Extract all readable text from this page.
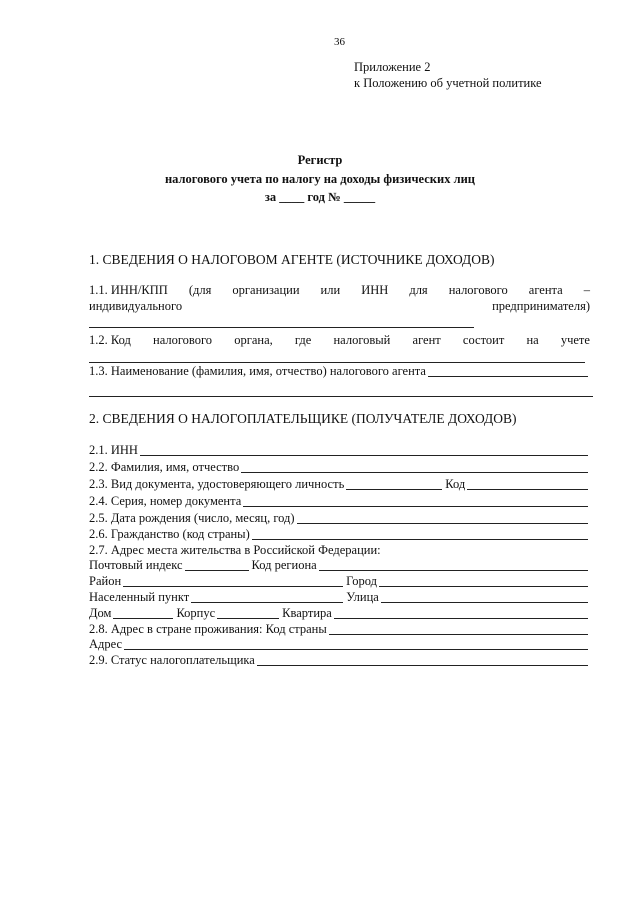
36
Приложение 2
к Положению об учетной политике
Регистр
налогового учета по налогу на доходы физических лиц
за ____ год № _____
1. СВЕДЕНИЯ О НАЛОГОВОМ АГЕНТЕ (ИСТОЧНИКЕ ДОХОДОВ)
1.1. ИНН/КПП (для организации или ИНН для налогового агента –
индивидуального	предпринимателя)
1.2. Код налогового органа, где налоговый агент состоит на учете
1.3. Наименование (фамилия, имя, отчество) налогового агента
2. СВЕДЕНИЯ О НАЛОГОПЛАТЕЛЬЩИКЕ (ПОЛУЧАТЕЛЕ ДОХОДОВ)
2.1. ИНН
2.2. Фамилия, имя, отчество
2.3. Вид документа, удостоверяющего личность	Код
2.4. Серия, номер документа
2.5. Дата рождения (число, месяц, год)
2.6. Гражданство (код страны)
2.7. Адрес места жительства в Российской Федерации:
Почтовый индекс	Код региона
Район	Город
Населенный пункт	Улица
Дом	Корпус	Квартира
2.8. Адрес в стране проживания: Код страны
Адрес
2.9. Статус налогоплательщика
